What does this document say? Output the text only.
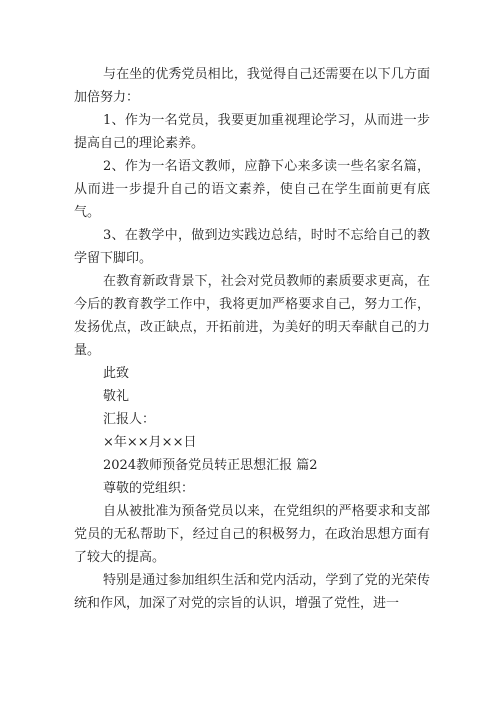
与在坐的优秀党员相比，我觉得自己还需要在以下几方面加倍努力：

1、作为一名党员，我要更加重视理论学习，从而进一步提高自己的理论素养。

2、作为一名语文教师，应静下心来多读一些名家名篇，从而进一步提升自己的语文素养，使自己在学生面前更有底气。

3、在教学中，做到边实践边总结，时时不忘给自己的教学留下脚印。

在教育新政背景下，社会对党员教师的素质要求更高，在今后的教育教学工作中，我将更加严格要求自己，努力工作，发扬优点，改正缺点，开拓前进，为美好的明天奉献自己的力量。

此致

敬礼

汇报人：

×年××月××日

2024教师预备党员转正思想汇报 篇2

尊敬的党组织：

自从被批准为预备党员以来，在党组织的严格要求和支部党员的无私帮助下，经过自己的积极努力，在政治思想方面有了较大的提高。

特别是通过参加组织生活和党内活动，学到了党的光荣传统和作风，加深了对党的宗旨的认识，增强了党性，进一
